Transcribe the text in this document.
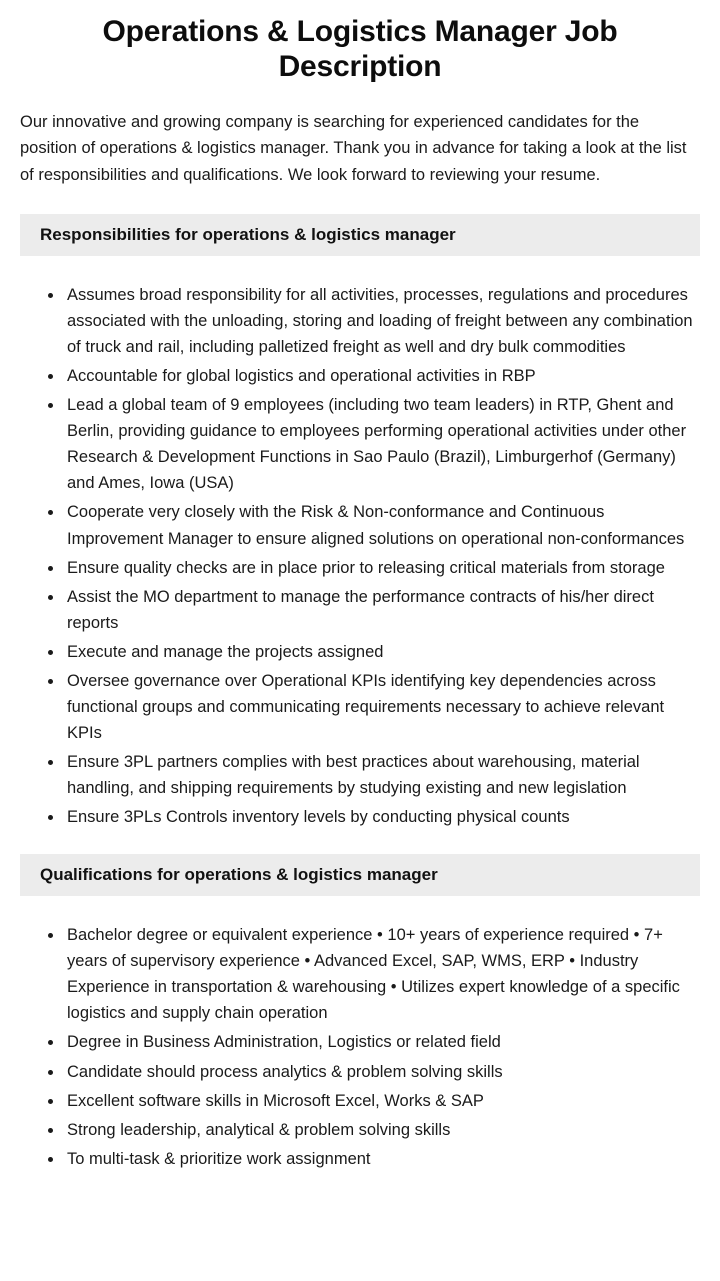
Operations & Logistics Manager Job Description

Our innovative and growing company is searching for experienced candidates for the position of operations & logistics manager. Thank you in advance for taking a look at the list of responsibilities and qualifications. We look forward to reviewing your resume.

Responsibilities for operations & logistics manager
• Assumes broad responsibility for all activities, processes, regulations and procedures associated with the unloading, storing and loading of freight between any combination of truck and rail, including palletized freight as well and dry bulk commodities
• Accountable for global logistics and operational activities in RBP
• Lead a global team of 9 employees (including two team leaders) in RTP, Ghent and Berlin, providing guidance to employees performing operational activities under other Research & Development Functions in Sao Paulo (Brazil), Limburgerhof (Germany) and Ames, Iowa (USA)
• Cooperate very closely with the Risk & Non-conformance and Continuous Improvement Manager to ensure aligned solutions on operational non-conformances
• Ensure quality checks are in place prior to releasing critical materials from storage
• Assist the MO department to manage the performance contracts of his/her direct reports
• Execute and manage the projects assigned
• Oversee governance over Operational KPIs identifying key dependencies across functional groups and communicating requirements necessary to achieve relevant KPIs
• Ensure 3PL partners complies with best practices about warehousing, material handling, and shipping requirements by studying existing and new legislation
• Ensure 3PLs Controls inventory levels by conducting physical counts
Qualifications for operations & logistics manager
• Bachelor degree or equivalent experience • 10+ years of experience required • 7+ years of supervisory experience • Advanced Excel, SAP, WMS, ERP • Industry Experience in transportation & warehousing • Utilizes expert knowledge of a specific logistics and supply chain operation
• Degree in Business Administration, Logistics or related field
• Candidate should process analytics & problem solving skills
• Excellent software skills in Microsoft Excel, Works & SAP
• Strong leadership, analytical & problem solving skills
• To multi-task & prioritize work assignment
